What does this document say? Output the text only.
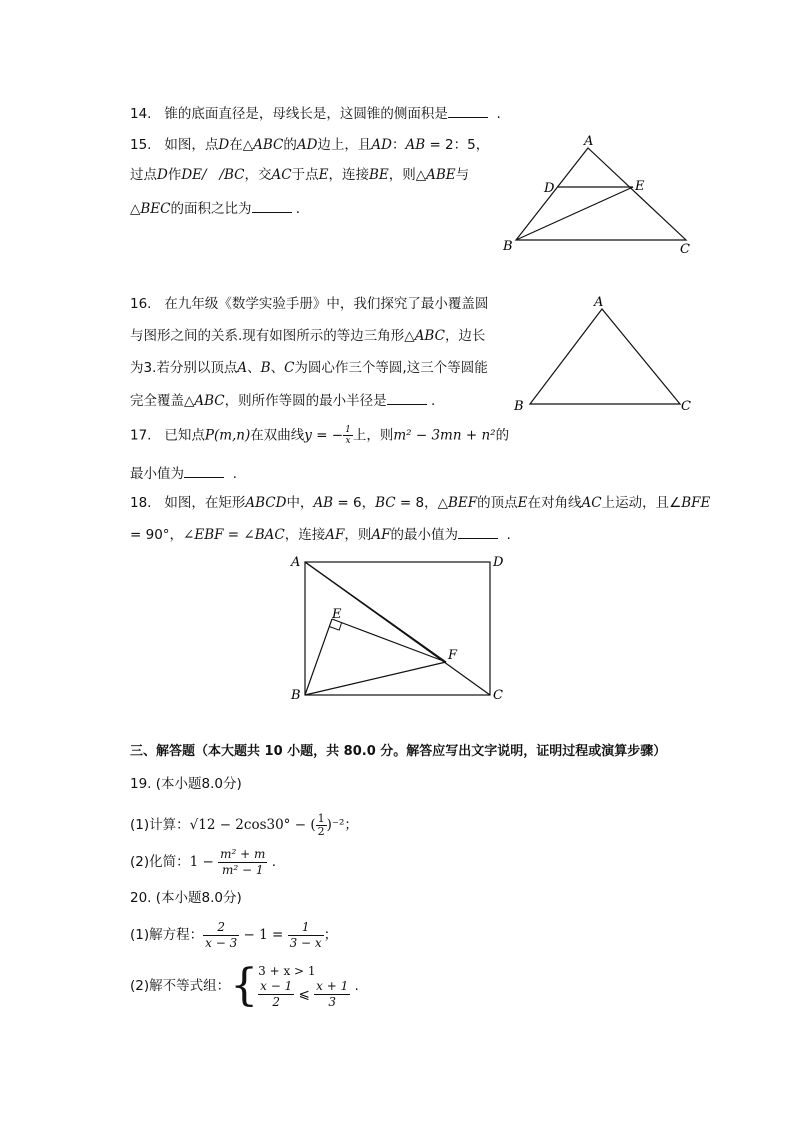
14. 锥的底面直径是，母线长是，这圆锥的侧面积是	.
15. 如图，点D在△ABC的AD边上，且AD：AB = 2：5，
过点D作DE/ /BC，交AC于点E，连接BE，则△ABE与
△BEC的面积之比为	.
A
D	E
B	C
16. 在九年级《数学实验手册》中，我们探究了最小覆盖圆
与图形之间的关系.现有如图所示的等边三角形△ABC，边长
为3.若分别以顶点A、B、C为圆心作三个等圆,这三个等圆能
完全覆盖△ABC，则所作等圆的最小半径是	.
A
B	C
17. 已知点P(m,n)在双曲线y = − $\frac{1}{x}$ 上，则m² − 3mn + n²的
最小值为	.
18. 如图，在矩形ABCD中，AB = 6，BC = 8，△BEF的顶点E在对角线AC上运动，且∠BFE
= 90°，∠EBF = ∠BAC，连接AF，则AF的最小值为	.
A	D
E
F
B	C
三、解答题（本大题共 10 小题，共 80.0 分。解答应写出文字说明，证明过程或演算步骤）
19. (本小题8.0分)
(1)计算：√12 − 2cos30° − ( $\frac{1}{2} )^{-2}$；
(2)化简：$1 - \frac{\text{m² + m}}{\text{m² − 1}}$ .
20. (本小题8.0分)
(1)解方程： $\frac{2}{x - 3} - 1 = \frac{1}{3 - x}$ ；
(2)解不等式组：{ 3 + x > 1
$\frac{x - 1}{2}$ ⩽ $\frac{x + 1}{3}$ .
